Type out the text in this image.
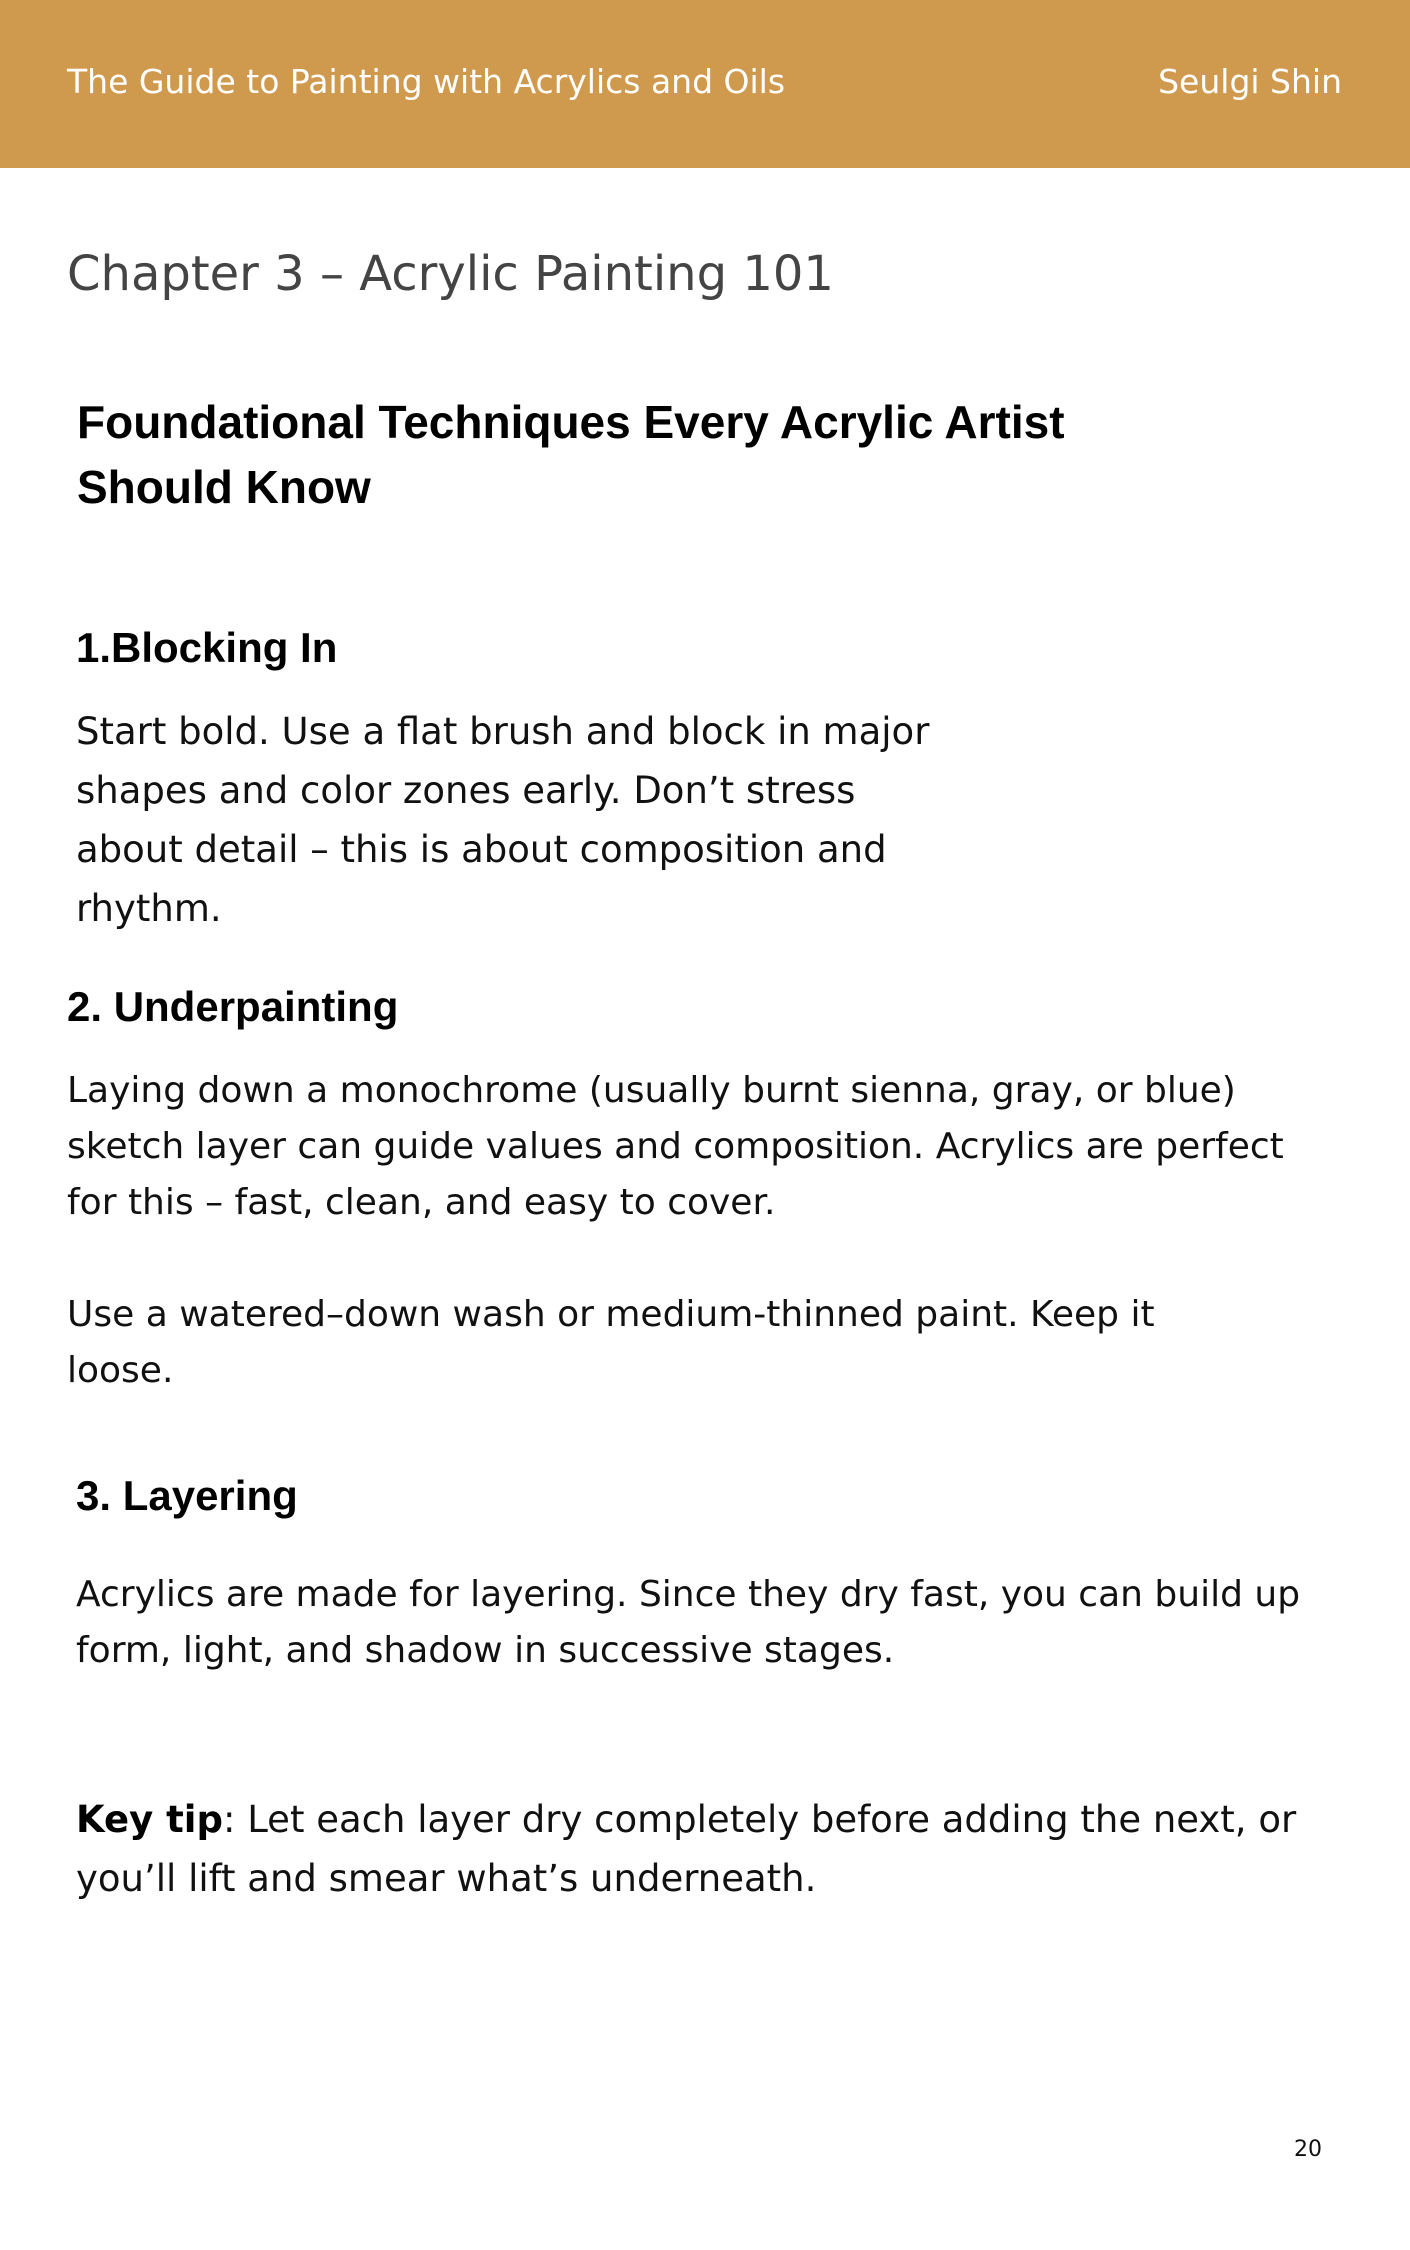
The Guide to Painting with Acrylics and Oils	Seulgi Shin
Chapter 3 – Acrylic Painting 101
Foundational Techniques Every Acrylic Artist Should Know
1.Blocking In

Start bold. Use a flat brush and block in major shapes and color zones early. Don’t stress about detail – this is about composition and rhythm.

2. Underpainting

Laying down a monochrome (usually burnt sienna, gray, or blue) sketch layer can guide values and composition. Acrylics are perfect for this – fast, clean, and easy to cover.

Use a watered–down wash or medium-thinned paint. Keep it loose.

3. Layering

Acrylics are made for layering. Since they dry fast, you can build up form, light, and shadow in successive stages.

Key tip: Let each layer dry completely before adding the next, or you’ll lift and smear what’s underneath.

20
